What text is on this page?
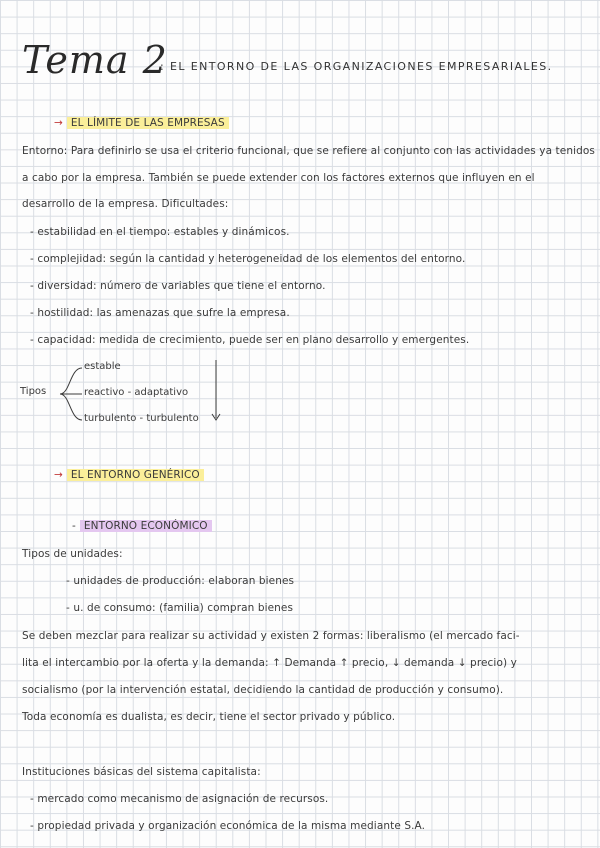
Tema 2
: EL ENTORNO DE LAS ORGANIZACIONES EMPRESARIALES.
→ EL LÍMITE DE LAS EMPRESAS
Entorno: Para definirlo se usa el criterio funcional, que se refiere al conjunto con las actividades ya tenidos
a cabo por la empresa. También se puede extender con los factores externos que influyen en el
desarrollo de la empresa. Dificultades:
- estabilidad en el tiempo: estables y dinámicos.
- complejidad: según la cantidad y heterogeneidad de los elementos del entorno.
- diversidad: número de variables que tiene el entorno.
- hostilidad: las amenazas que sufre la empresa.
- capacidad: medida de crecimiento, puede ser en plano desarrollo y emergentes.
Tipos
estable
reactivo - adaptativo
turbulento - turbulento
→ EL ENTORNO GENÉRICO
- ENTORNO ECONÓMICO
Tipos de unidades:
- unidades de producción: elaboran bienes
- u. de consumo: (familia) compran bienes
Se deben mezclar para realizar su actividad y existen 2 formas: liberalismo (el mercado faci-
lita el intercambio por la oferta y la demanda: ↑ Demanda ↑ precio, ↓ demanda ↓ precio) y
socialismo (por la intervención estatal, decidiendo la cantidad de producción y consumo).
Toda economía es dualista, es decir, tiene el sector privado y público.
Instituciones básicas del sistema capitalista:
- mercado como mecanismo de asignación de recursos.
- propiedad privada y organización económica de la misma mediante S.A.
